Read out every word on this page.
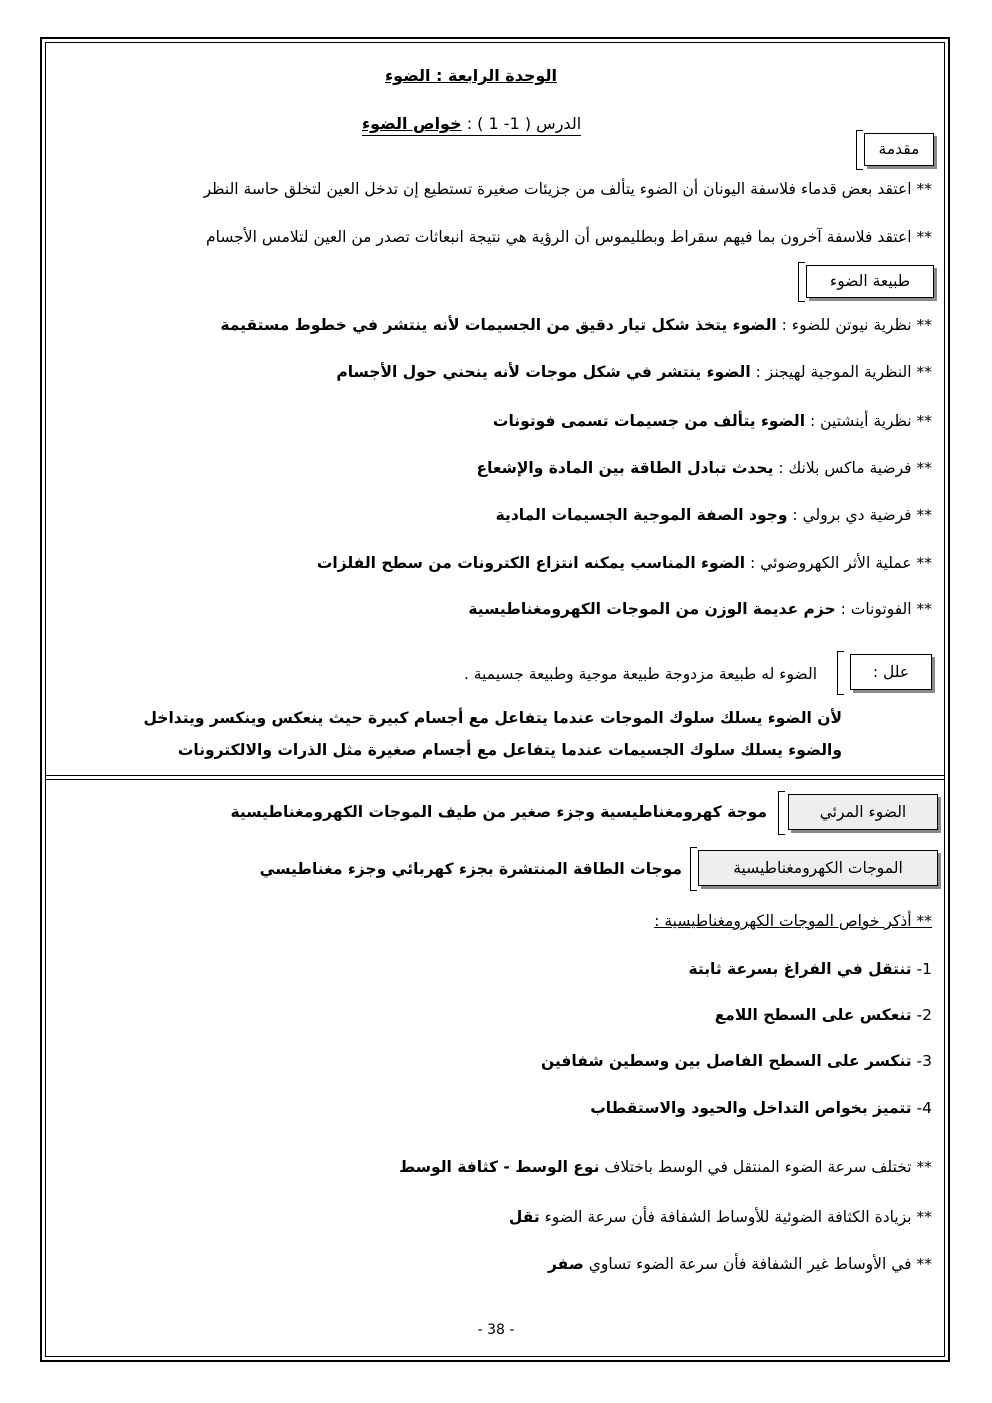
الوحدة الرابعة : الضوء
الدرس ( 1- 1 ) : خواص الضوء
مقدمة
** اعتقد بعض قدماء فلاسفة اليونان أن الضوء يتألف من جزيئات صغيرة تستطيع إن تدخل العين لتخلق حاسة النظر
** اعتقد فلاسفة آخرون بما فيهم سقراط وبطليموس أن الرؤية هي نتيجة انبعاثات تصدر من العين لتلامس الأجسام
طبيعة الضوء
** نظرية نيوتن للضوء : الضوء يتخذ شكل تيار دقيق من الجسيمات لأنه ينتشر في خطوط مستقيمة
** النظرية الموجية لهيجنز : الضوء ينتشر في شكل موجات لأنه ينحني حول الأجسام
** نظرية أينشتين : الضوء يتألف من جسيمات تسمى فوتونات
** فرضية ماكس بلانك : يحدث تبادل الطاقة بين المادة والإشعاع
** فرضية دي برولي : وجود الصفة الموجية الجسيمات المادية
** عملية الأثر الكهروضوئي : الضوء المناسب يمكنه انتزاع الكترونات من سطح الفلزات
** الفوتونات : حزم عديمة الوزن من الموجات الكهرومغناطيسية
علل :
الضوء له طبيعة مزدوجة طبيعة موجية وطبيعة جسيمية .
لأن الضوء يسلك سلوك الموجات عندما يتفاعل مع أجسام كبيرة حيث ينعكس وينكسر ويتداخل
والضوء يسلك سلوك الجسيمات عندما يتفاعل مع أجسام صغيرة مثل الذرات والالكترونات
الضوء المرئي
موجة كهرومغناطيسية وجزء صغير من طيف الموجات الكهرومغناطيسية
الموجات الكهرومغناطيسية
موجات الطاقة المنتشرة بجزء كهربائي وجزء مغناطيسي
** أذكر خواص الموجات الكهرومغناطيسية :
1- تنتقل في الفراغ بسرعة ثابتة
2- تنعكس على السطح اللامع
3- تنكسر على السطح الفاصل بين وسطين شفافين
4- تتميز بخواص التداخل والحيود والاستقطاب
** تختلف سرعة الضوء المنتقل في الوسط باختلاف نوع الوسط - كثافة الوسط
** بزيادة الكثافة الضوئية للأوساط الشفافة فأن سرعة الضوء تقل
** في الأوساط غير الشفافة فأن سرعة الضوء تساوي صفر
- 38 -
